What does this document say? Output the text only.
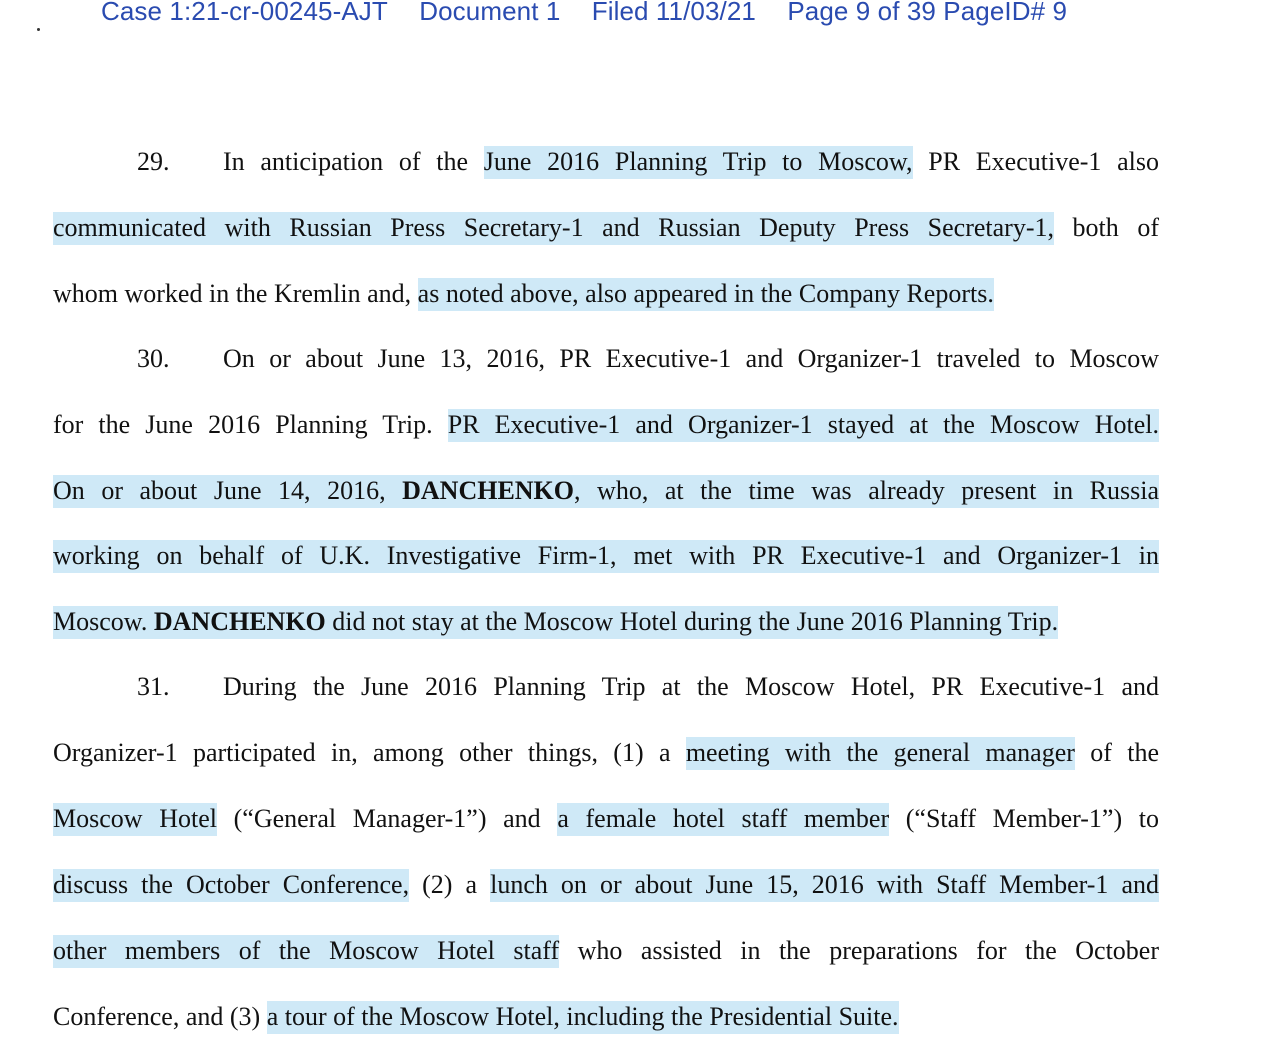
Case 1:21-cr-00245-AJT Document 1 Filed 11/03/21 Page 9 of 39 PageID# 9
29. In anticipation of the June 2016 Planning Trip to Moscow, PR Executive-1 also
communicated with Russian Press Secretary-1 and Russian Deputy Press Secretary-1, both of
whom worked in the Kremlin and, as noted above, also appeared in the Company Reports.
30. On or about June 13, 2016, PR Executive-1 and Organizer-1 traveled to Moscow
for the June 2016 Planning Trip. PR Executive-1 and Organizer-1 stayed at the Moscow Hotel.
On or about June 14, 2016, DANCHENKO, who, at the time was already present in Russia
working on behalf of U.K. Investigative Firm-1, met with PR Executive-1 and Organizer-1 in
Moscow. DANCHENKO did not stay at the Moscow Hotel during the June 2016 Planning Trip.
31. During the June 2016 Planning Trip at the Moscow Hotel, PR Executive-1 and
Organizer-1 participated in, among other things, (1) a meeting with the general manager of the
Moscow Hotel (“General Manager-1”) and a female hotel staff member (“Staff Member-1”) to
discuss the October Conference, (2) a lunch on or about June 15, 2016 with Staff Member-1 and
other members of the Moscow Hotel staff who assisted in the preparations for the October
Conference, and (3) a tour of the Moscow Hotel, including the Presidential Suite.
